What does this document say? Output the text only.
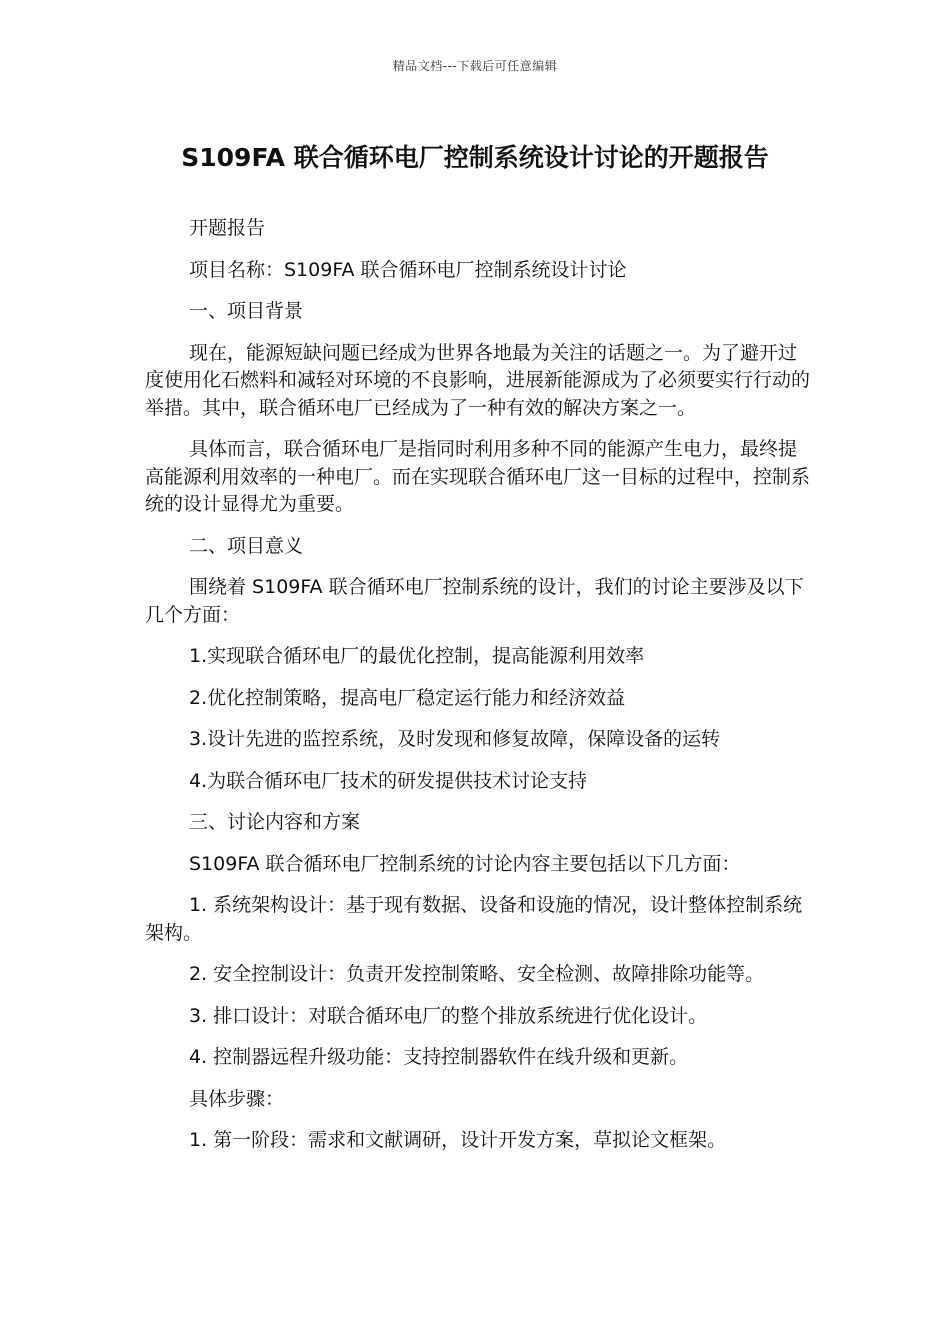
精品文档---下载后可任意编辑
S109FA 联合循环电厂控制系统设计讨论的开题报告

开题报告

项目名称：S109FA 联合循环电厂控制系统设计讨论

一、项目背景

现在，能源短缺问题已经成为世界各地最为关注的话题之一。为了避开过度使用化石燃料和减轻对环境的不良影响，进展新能源成为了必须要实行行动的举措。其中，联合循环电厂已经成为了一种有效的解决方案之一。

具体而言，联合循环电厂是指同时利用多种不同的能源产生电力，最终提高能源利用效率的一种电厂。而在实现联合循环电厂这一目标的过程中，控制系统的设计显得尤为重要。

二、项目意义

围绕着 S109FA 联合循环电厂控制系统的设计，我们的讨论主要涉及以下几个方面：

1.实现联合循环电厂的最优化控制，提高能源利用效率

2.优化控制策略，提高电厂稳定运行能力和经济效益

3.设计先进的监控系统，及时发现和修复故障，保障设备的运转

4.为联合循环电厂技术的研发提供技术讨论支持

三、讨论内容和方案

S109FA 联合循环电厂控制系统的讨论内容主要包括以下几方面：

1. 系统架构设计：基于现有数据、设备和设施的情况，设计整体控制系统架构。

2. 安全控制设计：负责开发控制策略、安全检测、故障排除功能等。

3. 排口设计：对联合循环电厂的整个排放系统进行优化设计。

4. 控制器远程升级功能：支持控制器软件在线升级和更新。

具体步骤：

1. 第一阶段：需求和文献调研，设计开发方案，草拟论文框架。
